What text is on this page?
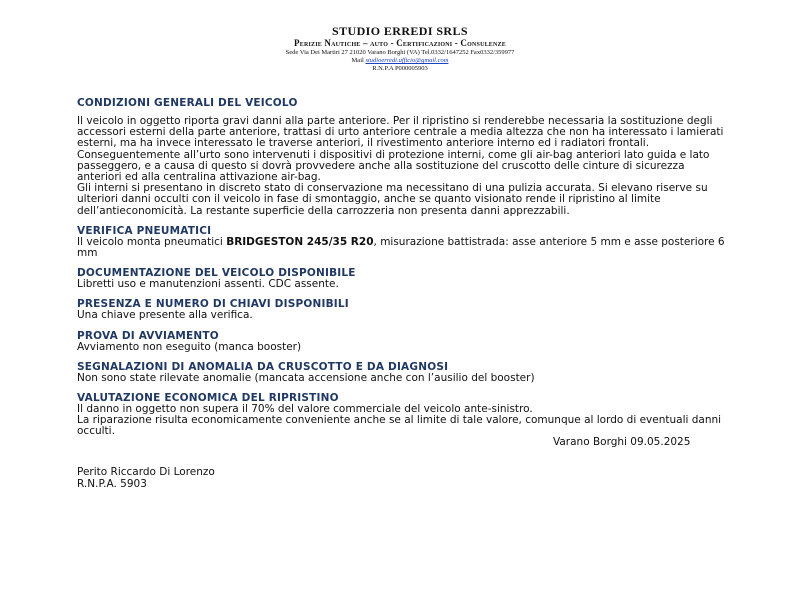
STUDIO ERREDI SRLS
Perizie Nautiche – auto - Certificazioni - Consulenze
Sede Via Dei Martiri 27 21020 Varano Borghi (VA) Tel.0332/1647252 Fax0332/359977
Mail studioerredi.ufficio@gmail.com
R.N.P.A P000005903
CONDIZIONI GENERALI DEL VEICOLO

Il veicolo in oggetto riporta gravi danni alla parte anteriore. Per il ripristino si renderebbe necessaria la sostituzione degli accessori esterni della parte anteriore, trattasi di urto anteriore centrale a media altezza che non ha interessato i lamierati esterni, ma ha invece interessato le traverse anteriori, il rivestimento anteriore interno ed i radiatori frontali. Conseguentemente all’urto sono intervenuti i dispositivi di protezione interni, come gli air-bag anteriori lato guida e lato passeggero, e a causa di questo si dovrà provvedere anche alla sostituzione del cruscotto delle cinture di sicurezza anteriori ed alla centralina attivazione air-bag.

Gli interni si presentano in discreto stato di conservazione ma necessitano di una pulizia accurata. Si elevano riserve su ulteriori danni occulti con il veicolo in fase di smontaggio, anche se quanto visionato rende il ripristino al limite dell’antieconomicità. La restante superficie della carrozzeria non presenta danni apprezzabili.

VERIFICA PNEUMATICI

Il veicolo monta pneumatici BRIDGESTON 245/35 R20, misurazione battistrada: asse anteriore 5 mm e asse posteriore 6 mm

DOCUMENTAZIONE DEL VEICOLO DISPONIBILE

Libretti uso e manutenzioni assenti. CDC assente.

PRESENZA E NUMERO DI CHIAVI DISPONIBILI

Una chiave presente alla verifica.

PROVA DI AVVIAMENTO

Avviamento non eseguito (manca booster)

SEGNALAZIONI DI ANOMALIA DA CRUSCOTTO E DA DIAGNOSI

Non sono state rilevate anomalie (mancata accensione anche con l’ausilio del booster)

VALUTAZIONE ECONOMICA DEL RIPRISTINO

Il danno in oggetto non supera il 70% del valore commerciale del veicolo ante-sinistro.

La riparazione risulta economicamente conveniente anche se al limite di tale valore, comunque al lordo di eventuali danni occulti.

Varano Borghi 09.05.2025
Perito Riccardo Di Lorenzo
R.N.P.A. 5903
